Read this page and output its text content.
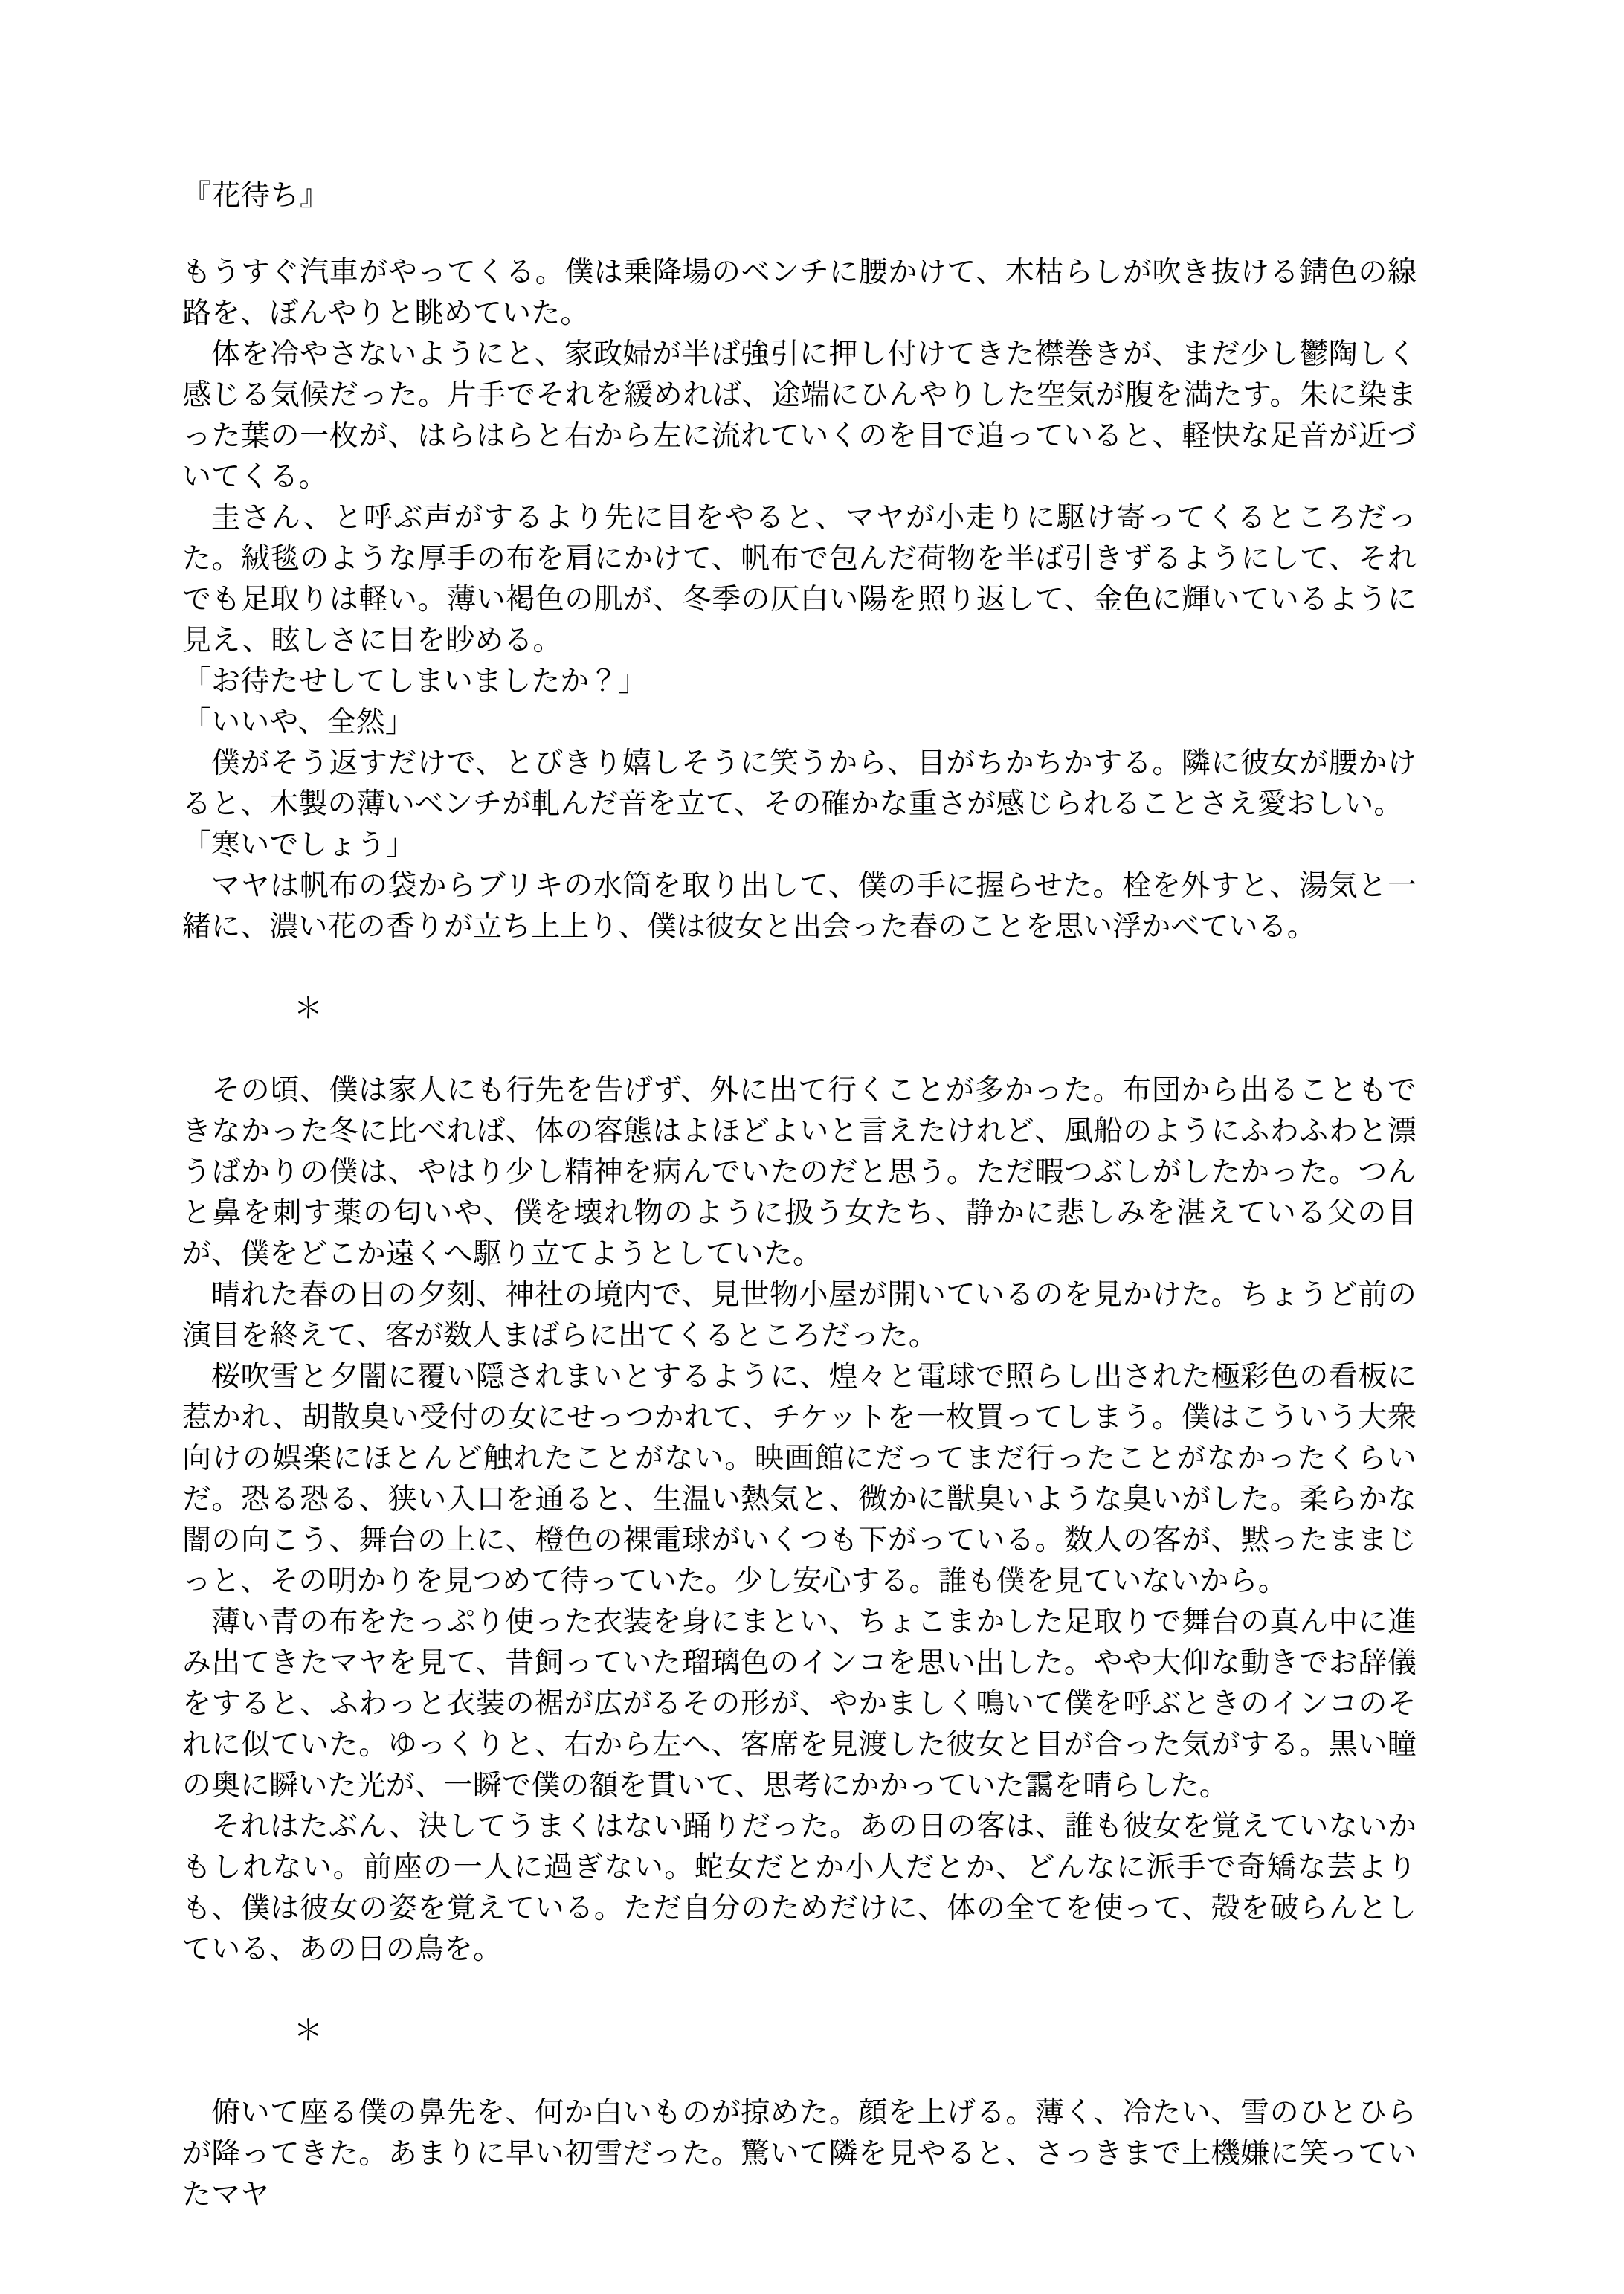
『花待ち』

もうすぐ汽車がやってくる。僕は乗降場のベンチに腰かけて、木枯らしが吹き抜ける錆色の線路を、ぼんやりと眺めていた。

体を冷やさないようにと、家政婦が半ば強引に押し付けてきた襟巻きが、まだ少し鬱陶しく感じる気候だった。片手でそれを緩めれば、途端にひんやりした空気が腹を満たす。朱に染まった葉の一枚が、はらはらと右から左に流れていくのを目で追っていると、軽快な足音が近づいてくる。

圭さん、と呼ぶ声がするより先に目をやると、マヤが小走りに駆け寄ってくるところだった。絨毯のような厚手の布を肩にかけて、帆布で包んだ荷物を半ば引きずるようにして、それでも足取りは軽い。薄い褐色の肌が、冬季の仄白い陽を照り返して、金色に輝いているように見え、眩しさに目を眇める。

「お待たせしてしまいましたか？」

「いいや、全然」

僕がそう返すだけで、とびきり嬉しそうに笑うから、目がちかちかする。隣に彼女が腰かけると、木製の薄いベンチが軋んだ音を立て、その確かな重さが感じられることさえ愛おしい。

「寒いでしょう」

マヤは帆布の袋からブリキの水筒を取り出して、僕の手に握らせた。栓を外すと、湯気と一緒に、濃い花の香りが立ち上上り、僕は彼女と出会った春のことを思い浮かべている。

＊

その頃、僕は家人にも行先を告げず、外に出て行くことが多かった。布団から出ることもできなかった冬に比べれば、体の容態はよほどよいと言えたけれど、風船のようにふわふわと漂うばかりの僕は、やはり少し精神を病んでいたのだと思う。ただ暇つぶしがしたかった。つんと鼻を刺す薬の匂いや、僕を壊れ物のように扱う女たち、静かに悲しみを湛えている父の目が、僕をどこか遠くへ駆り立てようとしていた。

晴れた春の日の夕刻、神社の境内で、見世物小屋が開いているのを見かけた。ちょうど前の演目を終えて、客が数人まばらに出てくるところだった。

桜吹雪と夕闇に覆い隠されまいとするように、煌々と電球で照らし出された極彩色の看板に惹かれ、胡散臭い受付の女にせっつかれて、チケットを一枚買ってしまう。僕はこういう大衆向けの娯楽にほとんど触れたことがない。映画館にだってまだ行ったことがなかったくらいだ。恐る恐る、狭い入口を通ると、生温い熱気と、微かに獣臭いような臭いがした。柔らかな闇の向こう、舞台の上に、橙色の裸電球がいくつも下がっている。数人の客が、黙ったままじっと、その明かりを見つめて待っていた。少し安心する。誰も僕を見ていないから。

薄い青の布をたっぷり使った衣装を身にまとい、ちょこまかした足取りで舞台の真ん中に進み出てきたマヤを見て、昔飼っていた瑠璃色のインコを思い出した。やや大仰な動きでお辞儀をすると、ふわっと衣装の裾が広がるその形が、やかましく鳴いて僕を呼ぶときのインコのそれに似ていた。ゆっくりと、右から左へ、客席を見渡した彼女と目が合った気がする。黒い瞳の奥に瞬いた光が、一瞬で僕の額を貫いて、思考にかかっていた靄を晴らした。

それはたぶん、決してうまくはない踊りだった。あの日の客は、誰も彼女を覚えていないかもしれない。前座の一人に過ぎない。蛇女だとか小人だとか、どんなに派手で奇矯な芸よりも、僕は彼女の姿を覚えている。ただ自分のためだけに、体の全てを使って、殻を破らんとしている、あの日の鳥を。

＊

俯いて座る僕の鼻先を、何か白いものが掠めた。顔を上げる。薄く、冷たい、雪のひとひらが降ってきた。あまりに早い初雪だった。驚いて隣を見やると、さっきまで上機嫌に笑っていたマヤ
